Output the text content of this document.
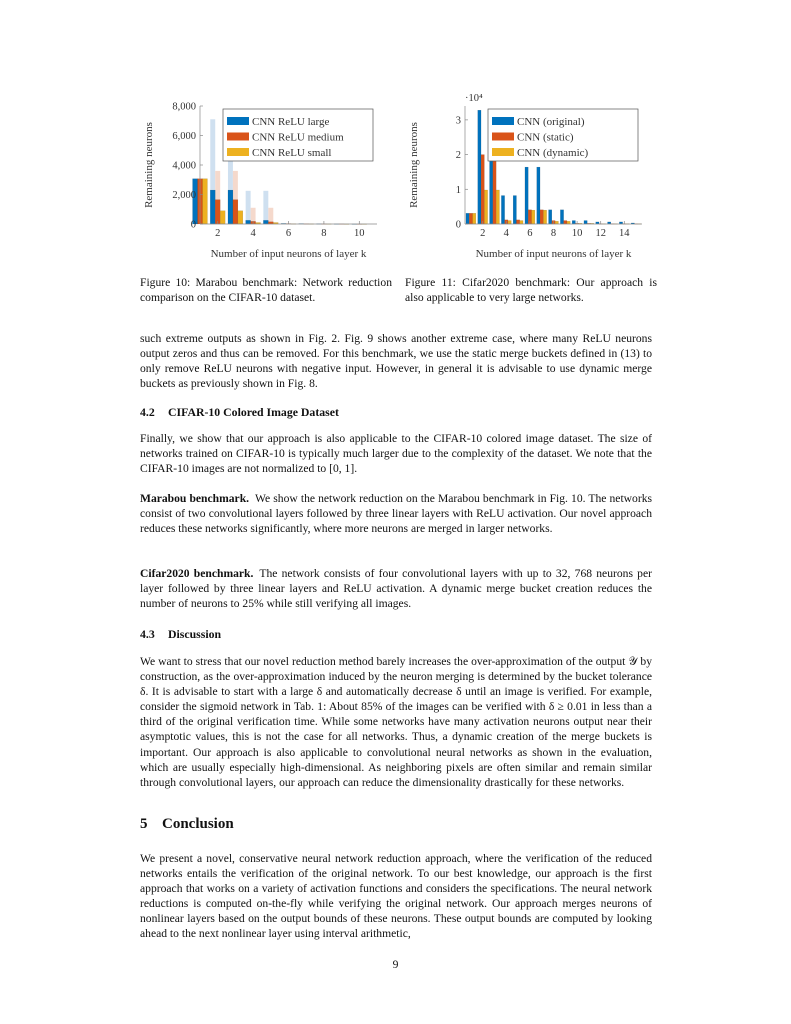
2	4	6	8	10
0
2,000
4,000
6,000
8,000
Number of input neurons of layer k
Remaining neurons
CNN ReLU large
CNN ReLU medium
CNN ReLU small
Figure 10: Marabou benchmark: Network reduction comparison on the CIFAR-10 dataset.
2 4 6 8 10 12 14
0
1
2
3
Number of input neurons of layer k
Remaining neurons
·10⁴
CNN (original)
CNN (static)
CNN (dynamic)
Figure 11: Cifar2020 benchmark: Our approach is also applicable to very large networks.

such extreme outputs as shown in Fig. 2. Fig. 9 shows another extreme case, where many ReLU neurons output zeros and thus can be removed. For this benchmark, we use the static merge buckets defined in (13) to only remove ReLU neurons with negative input. However, in general it is advisable to use dynamic merge buckets as previously shown in Fig. 8.

4.2 CIFAR-10 Colored Image Dataset

Finally, we show that our approach is also applicable to the CIFAR-10 colored image dataset. The size of networks trained on CIFAR-10 is typically much larger due to the complexity of the dataset. We note that the CIFAR-10 images are not normalized to [0, 1].

Marabou benchmark. We show the network reduction on the Marabou benchmark in Fig. 10. The networks consist of two convolutional layers followed by three linear layers with ReLU activation. Our novel approach reduces these networks significantly, where more neurons are merged in larger networks.

Cifar2020 benchmark. The network consists of four convolutional layers with up to 32, 768 neurons per layer followed by three linear layers and ReLU activation. A dynamic merge bucket creation reduces the number of neurons to 25% while still verifying all images.

4.3 Discussion

We want to stress that our novel reduction method barely increases the over-approximation of the output 𝒴 by construction, as the over-approximation induced by the neuron merging is determined by the bucket tolerance δ. It is advisable to start with a large δ and automatically decrease δ until an image is verified. For example, consider the sigmoid network in Tab. 1: About 85% of the images can be verified with δ ≥ 0.01 in less than a third of the original verification time. While some networks have many activation neurons output near their asymptotic values, this is not the case for all networks. Thus, a dynamic creation of the merge buckets is important. Our approach is also applicable to convolutional neural networks as shown in the evaluation, which are usually especially high-dimensional. As neighboring pixels are often similar and remain similar through convolutional layers, our approach can reduce the dimensionality drastically for these networks.

5 Conclusion

We present a novel, conservative neural network reduction approach, where the verification of the reduced networks entails the verification of the original network. To our best knowledge, our approach is the first approach that works on a variety of activation functions and considers the specifications. The neural network reductions is computed on-the-fly while verifying the original network. Our approach merges neurons of nonlinear layers based on the output bounds of these neurons. These output bounds are computed by looking ahead to the next nonlinear layer using interval arithmetic,

9
